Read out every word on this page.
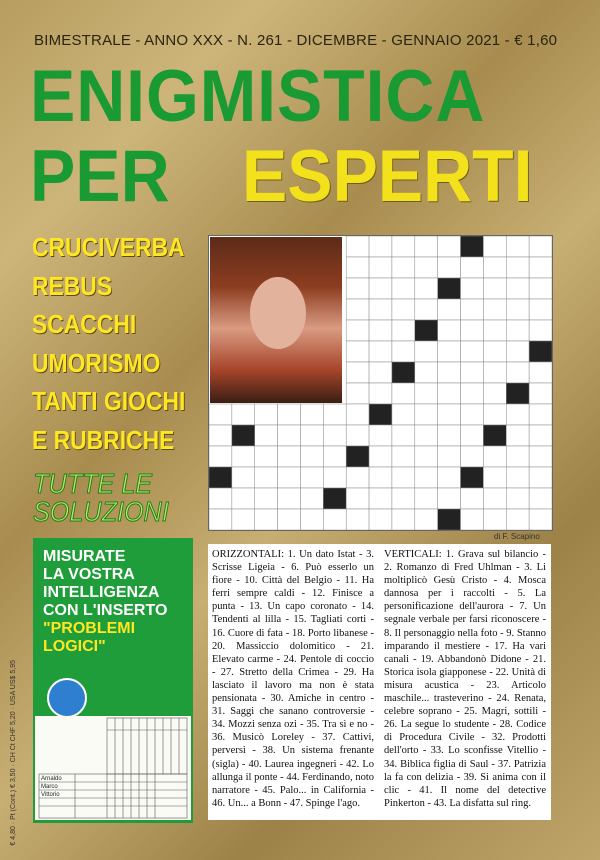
BIMESTRALE - ANNO XXX - N. 261 - DICEMBRE - GENNAIO 2021 - € 1,60
ENIGMISTICA
PER ESPERTI
CRUCIVERBA
REBUS
SCACCHI
UMORISMO
TANTI GIOCHI
E RUBRICHE
TUTTE LE
SOLUZIONI
MISURATE
LA VOSTRA
INTELLIGENZA
CON L'INSERTO
"PROBLEMI
LOGICI"
Arnaldo
Marco
Vittorio
€ 4,80 · Pt (Cont.) € 3,50 · CH Ct CHF 5,20 · USA US$ 5,95
di F. Scapino
ORIZZONTALI: 1. Un dato Istat - 3. Scrisse Ligeia - 6. Può esserlo un fiore - 10. Città del Belgio - 11. Ha ferri sempre caldi - 12. Finisce a punta - 13. Un capo coronato - 14. Tendenti al lilla - 15. Tagliati corti - 16. Cuore di fata - 18. Porto libanese - 20. Massiccio dolomitico - 21. Elevato carme - 24. Pentole di coccio - 27. Stretto della Crimea - 29. Ha lasciato il lavoro ma non è stata pensionata - 30. Amiche in centro - 31. Saggi che sanano controversie - 34. Mozzi senza ozi - 35. Tra sì e no - 36. Musicò Loreley - 37. Cattivi, perversi - 38. Un sistema frenante (sigla) - 40. Laurea ingegneri - 42. Lo allunga il ponte - 44. Ferdinando, noto narratore - 45. Palo... in California - 46. Un... a Bonn - 47. Spinge l'ago.
VERTICALI: 1. Grava sul bilancio - 2. Romanzo di Fred Uhlman - 3. Li moltiplicò Gesù Cristo - 4. Mosca dannosa per i raccolti - 5. La personificazione dell'aurora - 7. Un segnale verbale per farsi riconoscere - 8. Il personaggio nella foto - 9. Stanno imparando il mestiere - 17. Ha vari canali - 19. Abbandonò Didone - 21. Storica isola giapponese - 22. Unità di misura acustica - 23. Articolo maschile... trasteverino - 24. Renata, celebre soprano - 25. Magri, sottili - 26. La segue lo studente - 28. Codice di Procedura Civile - 32. Prodotti dell'orto - 33. Lo sconfisse Vitellio - 34. Biblica figlia di Saul - 37. Patrizia la fa con delizia - 39. Si anima con il clic - 41. Il nome del detective Pinkerton - 43. La disfatta sul ring.
